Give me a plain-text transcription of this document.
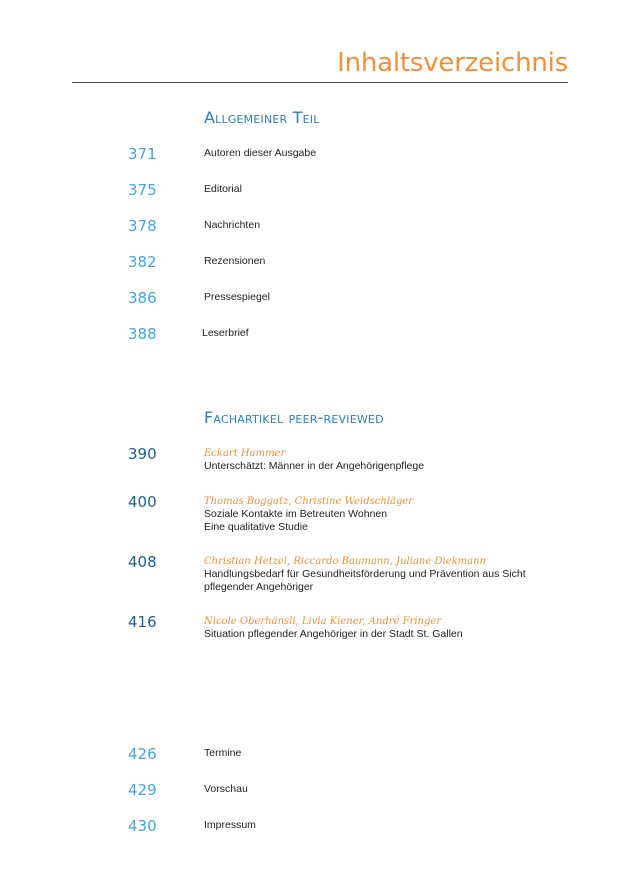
Inhaltsverzeichnis
Allgemeiner Teil
371	Autoren dieser Ausgabe
375	Editorial
378	Nachrichten
382	Rezensionen
386	Pressespiegel
388	Leserbrief
Fachartikel peer-reviewed
390	Eckart Hammer
Unterschätzt: Männer in der Angehörigenpflege
400	Thomas Boggatz, Christine Weidschläger
Soziale Kontakte im Betreuten Wohnen
Eine qualitative Studie
408	Christian Hetzel, Riccardo Baumann, Juliane Diekmann
Handlungsbedarf für Gesundheitsförderung und Prävention aus Sicht
pflegender Angehöriger
416	Nicole Oberhänsli, Livia Kiener, André Fringer
Situation pflegender Angehöriger in der Stadt St. Gallen
426	Termine
429	Vorschau
430	Impressum
